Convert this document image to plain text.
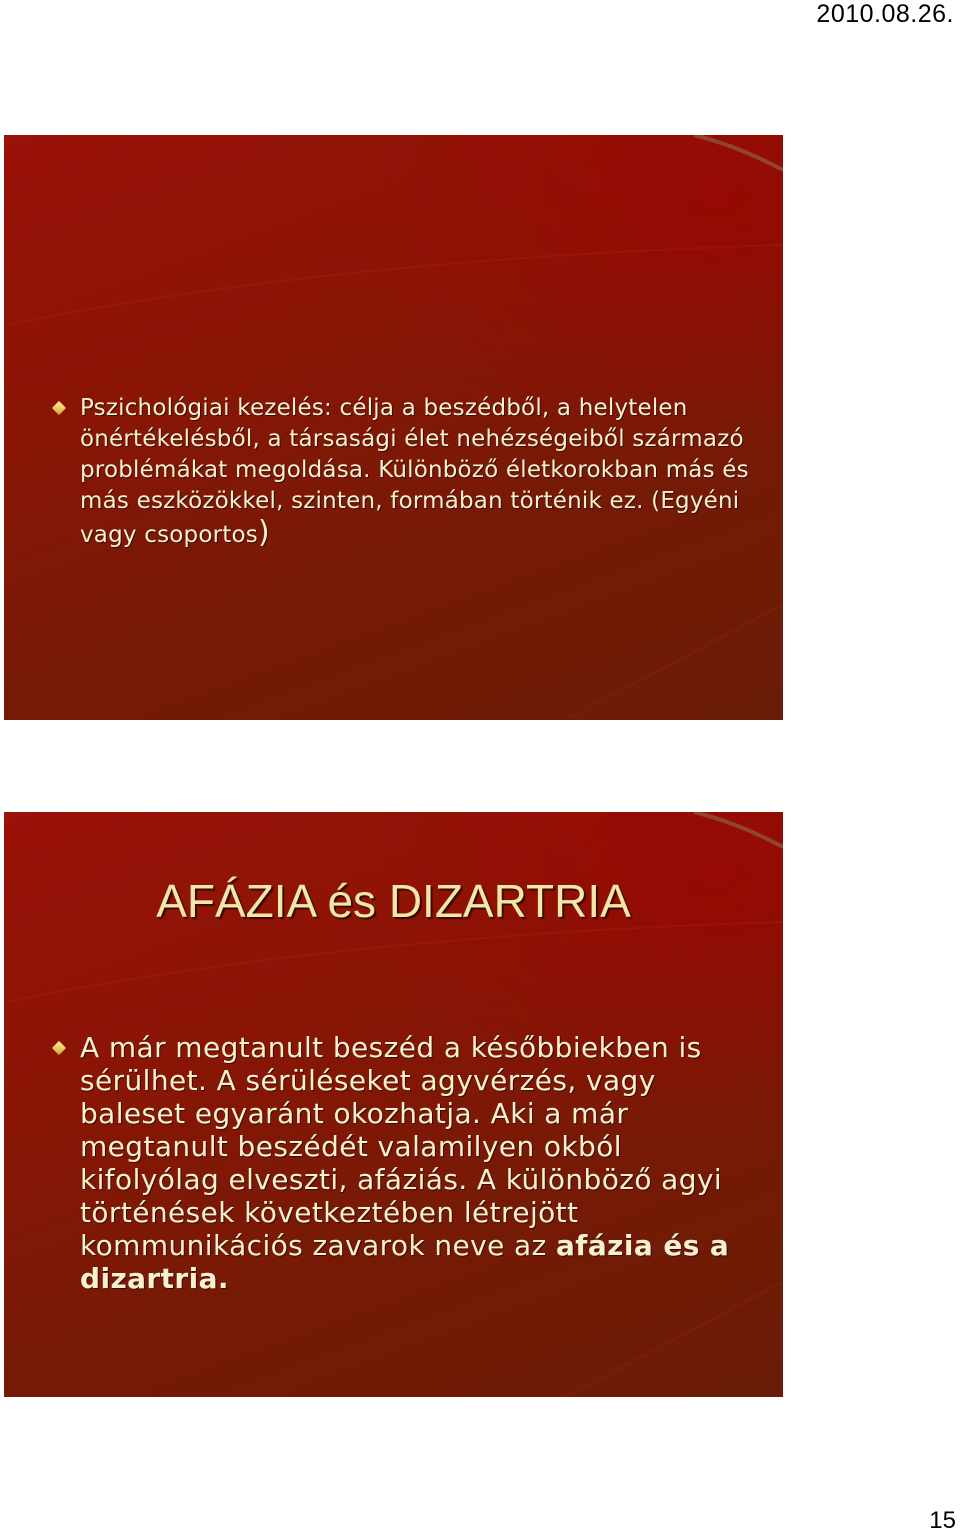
2010.08.26.
Pszichológiai kezelés: célja a beszédből, a helytelen önértékelésből, a társasági élet nehézségeiből származó problémákat megoldása. Különböző életkorokban más és más eszközökkel, szinten, formában történik ez. (Egyéni vagy csoportos)
AFÁZIA és DIZARTRIA
A már megtanult beszéd a későbbiekben is sérülhet. A sérüléseket agyvérzés, vagy baleset egyaránt okozhatja. Aki a már megtanult beszédét valamilyen okból kifolyólag elveszti, afáziás. A különböző agyi történések következtében létrejött kommunikációs zavarok neve az afázia és a dizartria.
15
